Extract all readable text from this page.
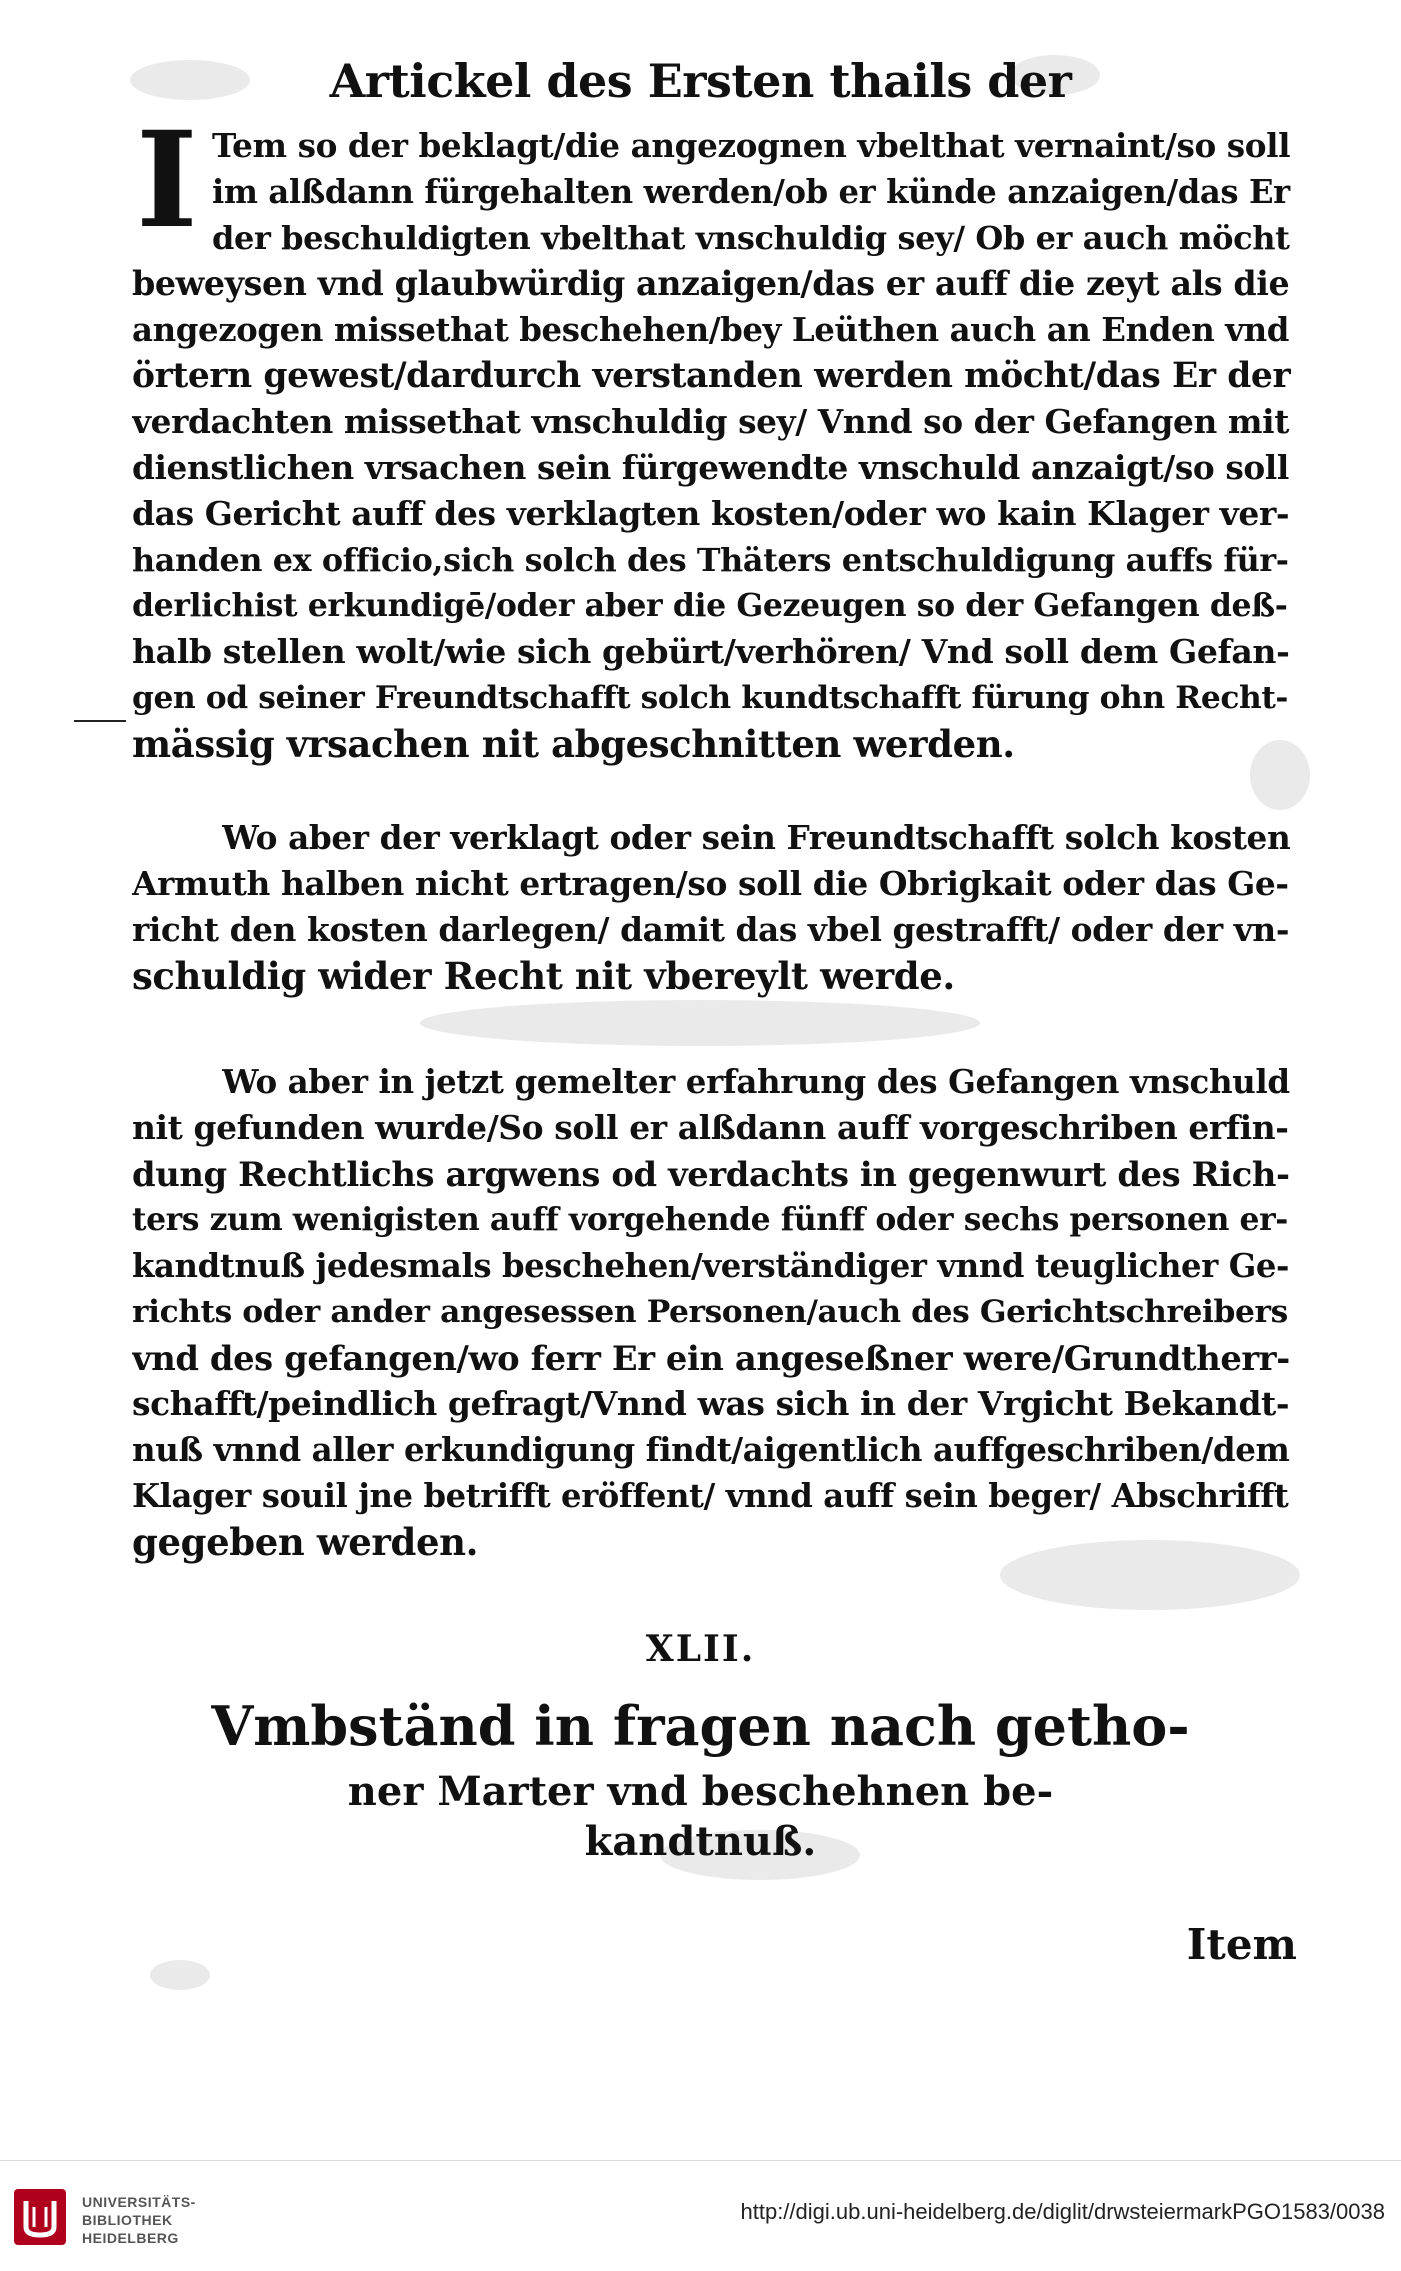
Artickel des Ersten thails der
I Tem so der beklagt/die angezognen vbelthat vernaint/so soll
im alßdann fürgehalten werden/ob er künde anzaigen/das Er
der beschuldigten vbelthat vnschuldig sey/ Ob er auch möcht
beweysen vnd glaubwürdig anzaigen/das er auff die zeyt als die
angezogen missethat beschehen/bey Leüthen auch an Enden vnd
örtern gewest/dardurch verstanden werden möcht/das Er der
verdachten missethat vnschuldig sey/ Vnnd so der Gefangen mit
dienstlichen vrsachen sein fürgewendte vnschuld anzaigt/so soll
das Gericht auff des verklagten kosten/oder wo kain Klager ver-
handen ex officio,sich solch des Thäters entschuldigung auffs für-
derlichist erkundigē/oder aber die Gezeugen so der Gefangen deß-
halb stellen wolt/wie sich gebürt/verhören/ Vnd soll dem Gefan-
gen od seiner Freundtschafft solch kundtschafft fürung ohn Recht-
mässig vrsachen nit abgeschnitten werden.
Wo aber der verklagt oder sein Freundtschafft solch kosten
Armuth halben nicht ertragen/so soll die Obrigkait oder das Ge-
richt den kosten darlegen/ damit das vbel gestrafft/ oder der vn-
schuldig wider Recht nit vbereylt werde.
Wo aber in jetzt gemelter erfahrung des Gefangen vnschuld
nit gefunden wurde/So soll er alßdann auff vorgeschriben erfin-
dung Rechtlichs argwens od verdachts in gegenwurt des Rich-
ters zum wenigisten auff vorgehende fünff oder sechs personen er-
kandtnuß jedesmals beschehen/verständiger vnnd teuglicher Ge-
richts oder ander angesessen Personen/auch des Gerichtschreibers
vnd des gefangen/wo ferr Er ein angeseßner were/Grundtherr-
schafft/peindlich gefragt/Vnnd was sich in der Vrgicht Bekandt-
nuß vnnd aller erkundigung findt/aigentlich auffgeschriben/dem
Klager souil jne betrifft eröffent/ vnnd auff sein beger/ Abschrifft
gegeben werden.
XLII.
Vmbständ in fragen nach getho-
ner Marter vnd beschehnen be-
kandtnuß.
Item
UNIVERSITÄTS-
BIBLIOTHEK
HEIDELBERG
http://digi.ub.uni-heidelberg.de/diglit/drwsteiermarkPGO1583/0038
